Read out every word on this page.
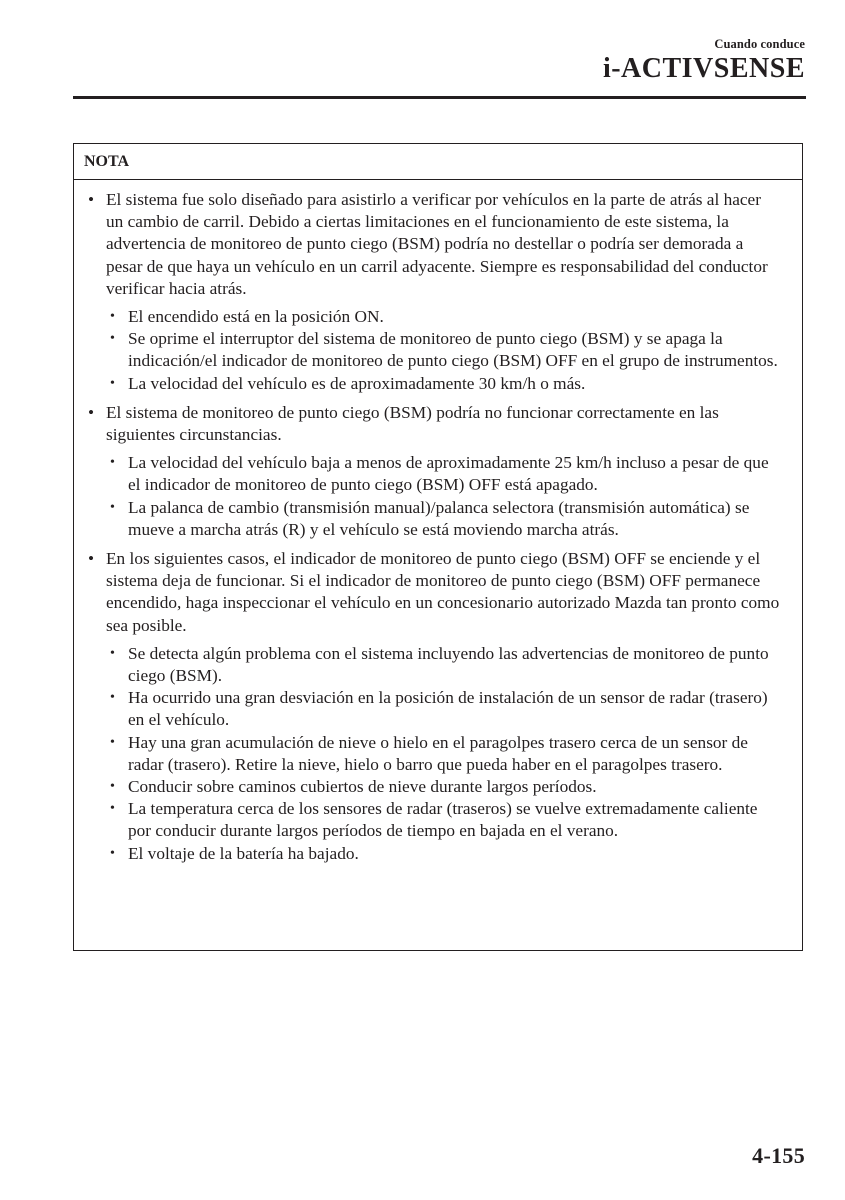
Cuando conduce
i-ACTIVSENSE
NOTA
• El sistema fue solo diseñado para asistirlo a verificar por vehículos en la parte de atrás al hacer un cambio de carril. Debido a ciertas limitaciones en el funcionamiento de este sistema, la advertencia de monitoreo de punto ciego (BSM) podría no destellar o podría ser demorada a pesar de que haya un vehículo en un carril adyacente. Siempre es responsabilidad del conductor verificar hacia atrás.
• El encendido está en la posición ON.
• Se oprime el interruptor del sistema de monitoreo de punto ciego (BSM) y se apaga la indicación/el indicador de monitoreo de punto ciego (BSM) OFF en el grupo de instrumentos.
• La velocidad del vehículo es de aproximadamente 30 km/h o más.
• El sistema de monitoreo de punto ciego (BSM) podría no funcionar correctamente en las siguientes circunstancias.
• La velocidad del vehículo baja a menos de aproximadamente 25 km/h incluso a pesar de que el indicador de monitoreo de punto ciego (BSM) OFF está apagado.
• La palanca de cambio (transmisión manual)/palanca selectora (transmisión automática) se mueve a marcha atrás (R) y el vehículo se está moviendo marcha atrás.
• En los siguientes casos, el indicador de monitoreo de punto ciego (BSM) OFF se enciende y el sistema deja de funcionar. Si el indicador de monitoreo de punto ciego (BSM) OFF permanece encendido, haga inspeccionar el vehículo en un concesionario autorizado Mazda tan pronto como sea posible.
• Se detecta algún problema con el sistema incluyendo las advertencias de monitoreo de punto ciego (BSM).
• Ha ocurrido una gran desviación en la posición de instalación de un sensor de radar (trasero) en el vehículo.
• Hay una gran acumulación de nieve o hielo en el paragolpes trasero cerca de un sensor de radar (trasero). Retire la nieve, hielo o barro que pueda haber en el paragolpes trasero.
• Conducir sobre caminos cubiertos de nieve durante largos períodos.
• La temperatura cerca de los sensores de radar (traseros) se vuelve extremadamente caliente por conducir durante largos períodos de tiempo en bajada en el verano.
• El voltaje de la batería ha bajado.
4-155
